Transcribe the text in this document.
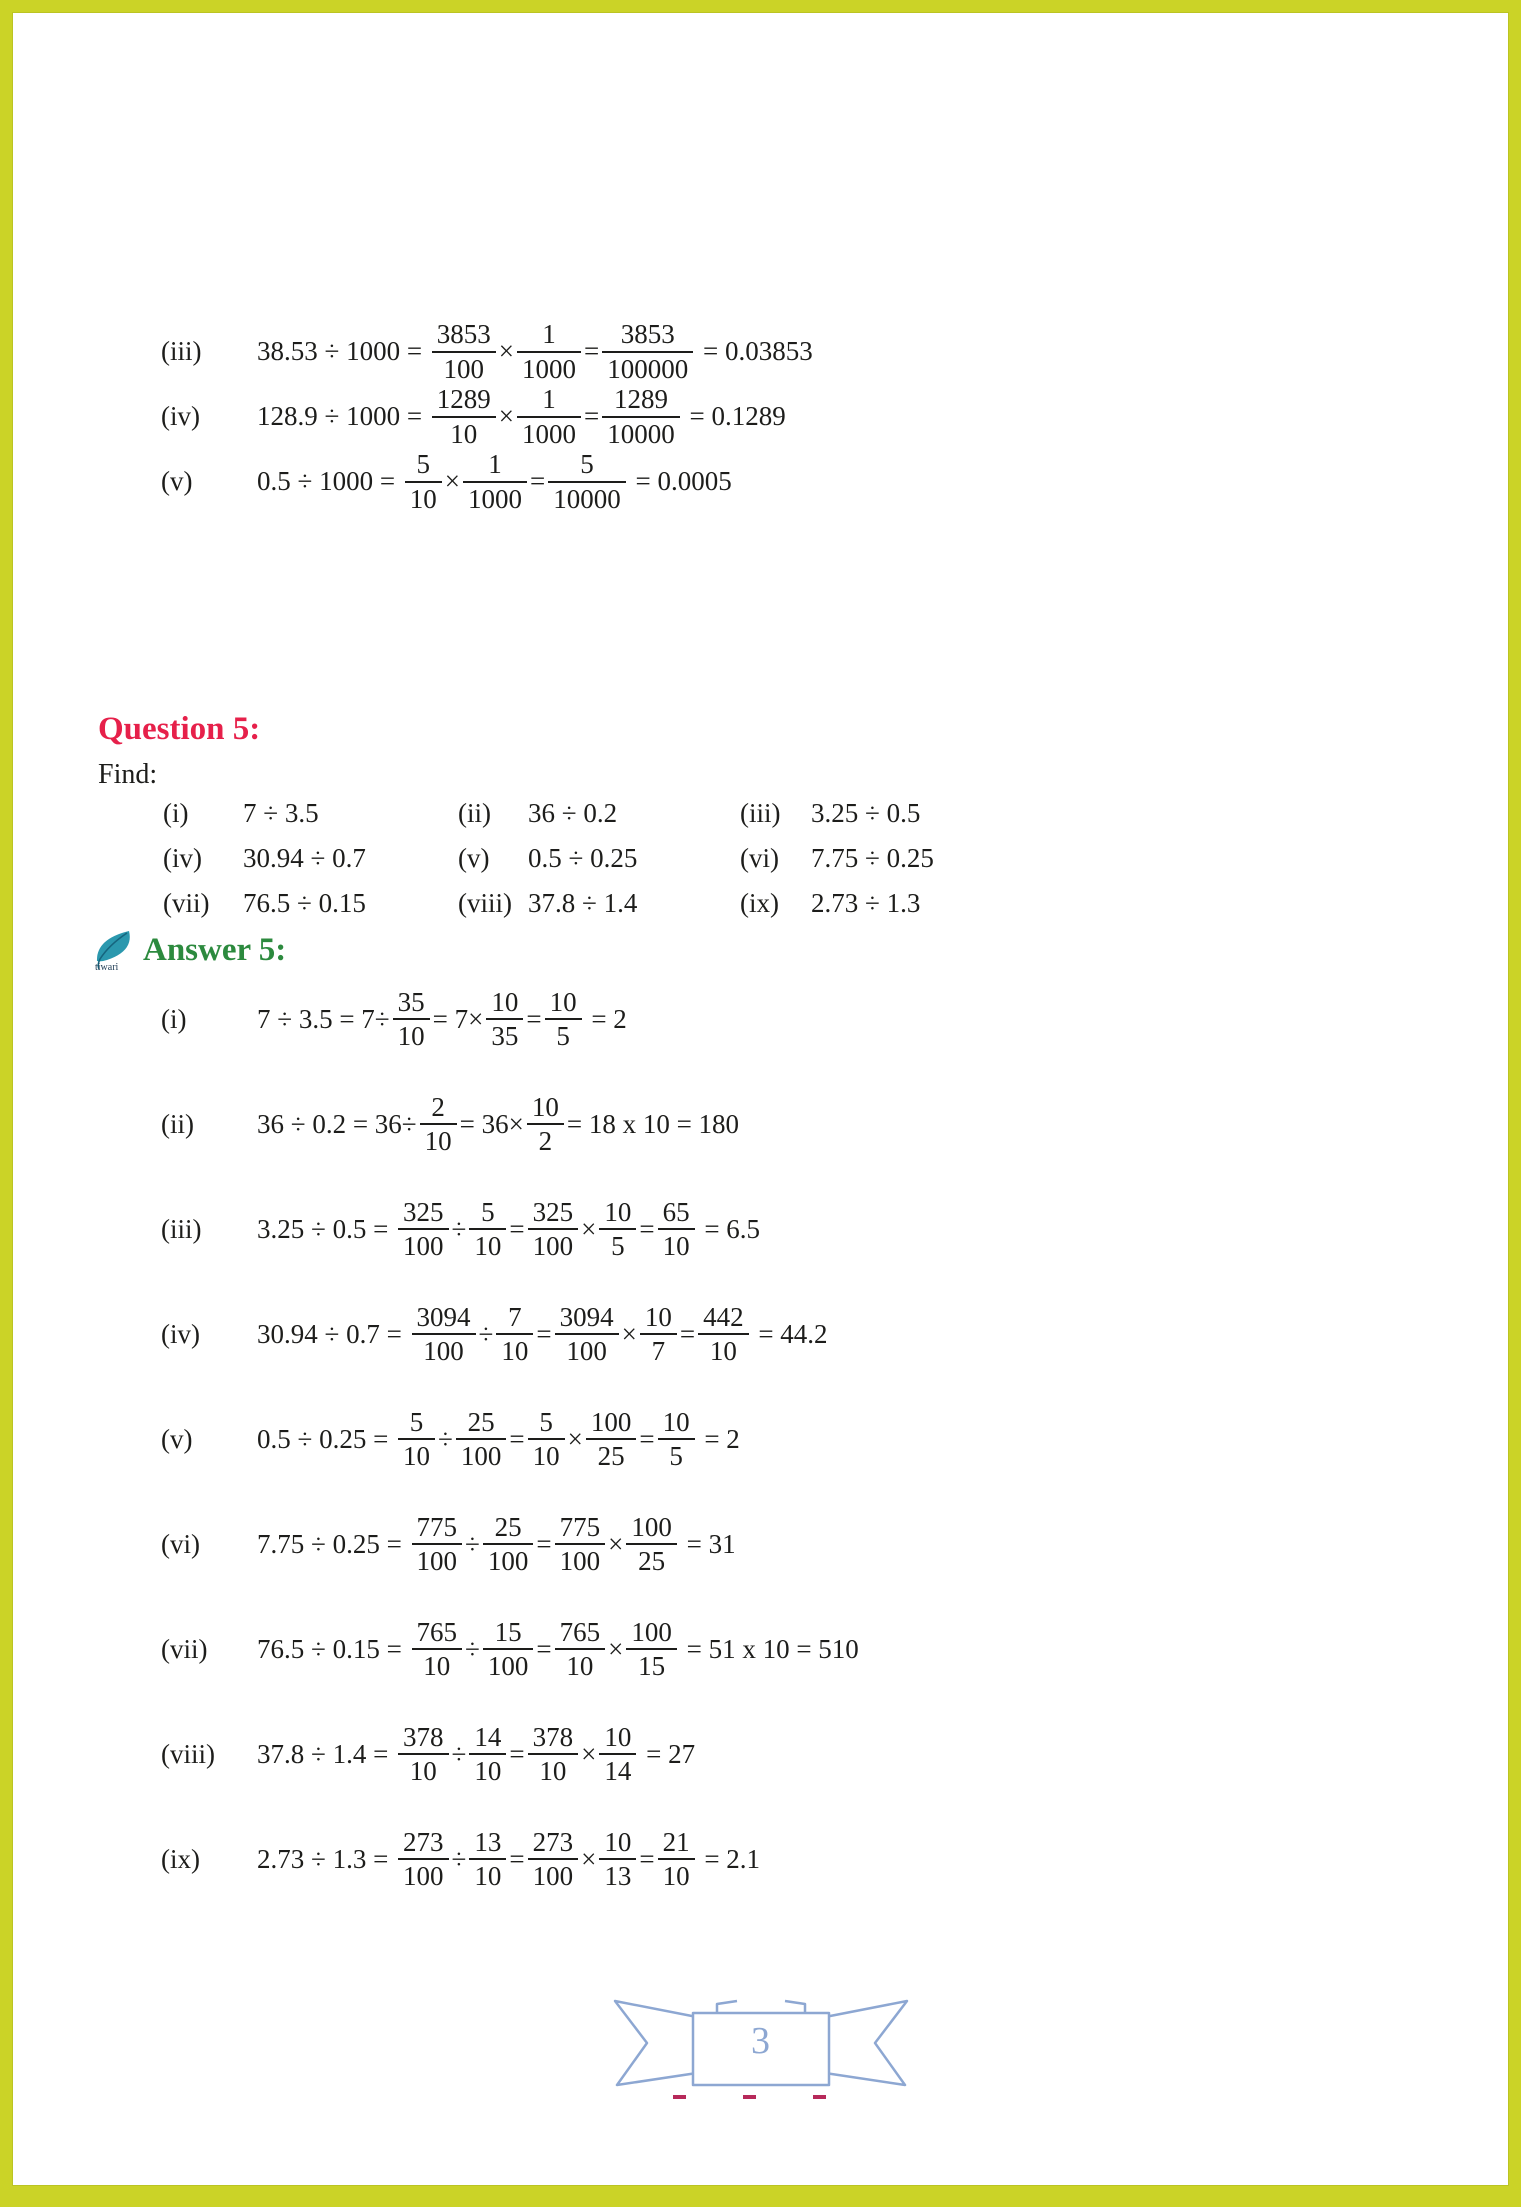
(iii)	$38.53 \div 1000 = \frac{3853}{100} \times \frac{1}{1000} = \frac{3853}{100000} = 0.03853$
(iv)	$128.9 \div 1000 = \frac{1289}{10} \times \frac{1}{1000} = \frac{1289}{10000} = 0.1289$
(v)	$0.5 \div 1000 = \frac{5}{10} \times \frac{1}{1000} = \frac{5}{10000} = 0.0005$
Question 5:
Find:
(i)	7 ÷ 3.5	(ii)	36 ÷ 0.2	(iii)	3.25 ÷ 0.5
(iv)	30.94 ÷ 0.7	(v)	0.5 ÷ 0.25	(vi)	7.75 ÷ 0.25
(vii)	76.5 ÷ 0.15	(viii) 37.8 ÷ 1.4	(ix)	2.73 ÷ 1.3
tiwari Answer 5:
(i)	$7 \div 3.5 = 7\div \frac{35}{10} = 7\times \frac{10}{35} = \frac{10}{5} = 2$
(ii)	$36 \div 0.2 = 36\div \frac{2}{10} = 36\times \frac{10}{2} = 18$ x 10 = 180
(iii)	$3.25 \div 0.5 = \frac{325}{100} \div \frac{5}{10} = \frac{325}{100} \times \frac{10}{5} = \frac{65}{10} = 6.5$
(iv)	$30.94 \div 0.7 = \frac{3094}{100} \div \frac{7}{10} = \frac{3094}{100} \times \frac{10}{7} = \frac{442}{10} = 44.2$
(v)	$0.5 \div 0.25 = \frac{5}{10} \div \frac{25}{100} = \frac{5}{10} \times \frac{100}{25} = \frac{10}{5} = 2$
(vi)	$7.75 \div 0.25 = \frac{775}{100} \div \frac{25}{100} = \frac{775}{100} \times \frac{100}{25} = 31$
(vii)	$76.5 \div 0.15 = \frac{765}{10} \div \frac{15}{100} = \frac{765}{10} \times \frac{100}{15} = 51$ x 10 = 510
(viii)	$37.8 \div 1.4 = \frac{378}{10} \div \frac{14}{10} = \frac{378}{10} \times \frac{10}{14} = 27$
(ix)	$2.73 \div 1.3 = \frac{273}{100} \div \frac{13}{10} = \frac{273}{100} \times \frac{10}{13} = \frac{21}{10} = 2.1$
3
